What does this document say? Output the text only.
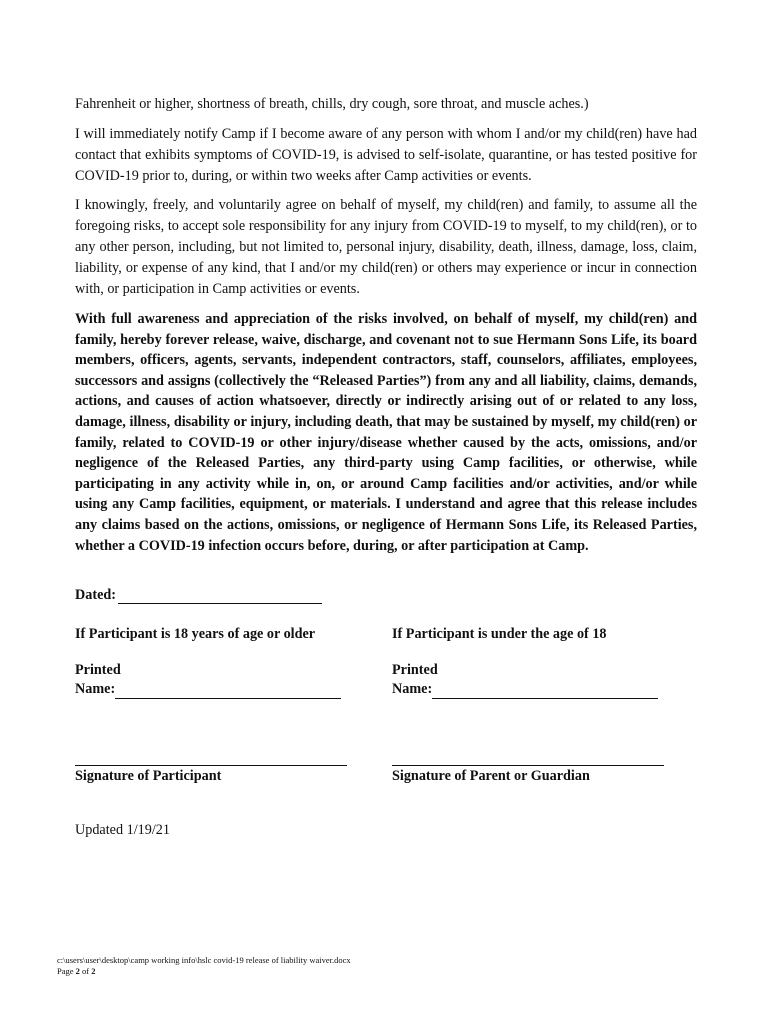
Fahrenheit or higher, shortness of breath, chills, dry cough, sore throat, and muscle aches.)

I will immediately notify Camp if I become aware of any person with whom I and/or my child(ren) have had contact that exhibits symptoms of COVID-19, is advised to self-isolate, quarantine, or has tested positive for COVID-19 prior to, during, or within two weeks after Camp activities or events.

I knowingly, freely, and voluntarily agree on behalf of myself, my child(ren) and family, to assume all the foregoing risks, to accept sole responsibility for any injury from COVID-19 to myself, to my child(ren), or to any other person, including, but not limited to, personal injury, disability, death, illness, damage, loss, claim, liability, or expense of any kind, that I and/or my child(ren) or others may experience or incur in connection with, or participation in Camp activities or events.

With full awareness and appreciation of the risks involved, on behalf of myself, my child(ren) and family, hereby forever release, waive, discharge, and covenant not to sue Hermann Sons Life, its board members, officers, agents, servants, independent contractors, staff, counselors, affiliates, employees, successors and assigns (collectively the “Released Parties”) from any and all liability, claims, demands, actions, and causes of action whatsoever, directly or indirectly arising out of or related to any loss, damage, illness, disability or injury, including death, that may be sustained by myself, my child(ren) or family, related to COVID-19 or other injury/disease whether caused by the acts, omissions, and/or negligence of the Released Parties, any third-party using Camp facilities, or otherwise, while participating in any activity while in, on, or around Camp facilities and/or activities, and/or while using any Camp facilities, equipment, or materials. I understand and agree that this release includes any claims based on the actions, omissions, or negligence of Hermann Sons Life, its Released Parties, whether a COVID-19 infection occurs before, during, or after participation at Camp.

Dated:
If Participant is 18 years of age or older	If Participant is under the age of 18
Printed
Name:
Printed
Name:
Signature of Participant	Signature of Parent or Guardian
Updated 1/19/21
c:\users\user\desktop\camp working info\hslc covid-19 release of liability waiver.docx
Page 2 of 2
